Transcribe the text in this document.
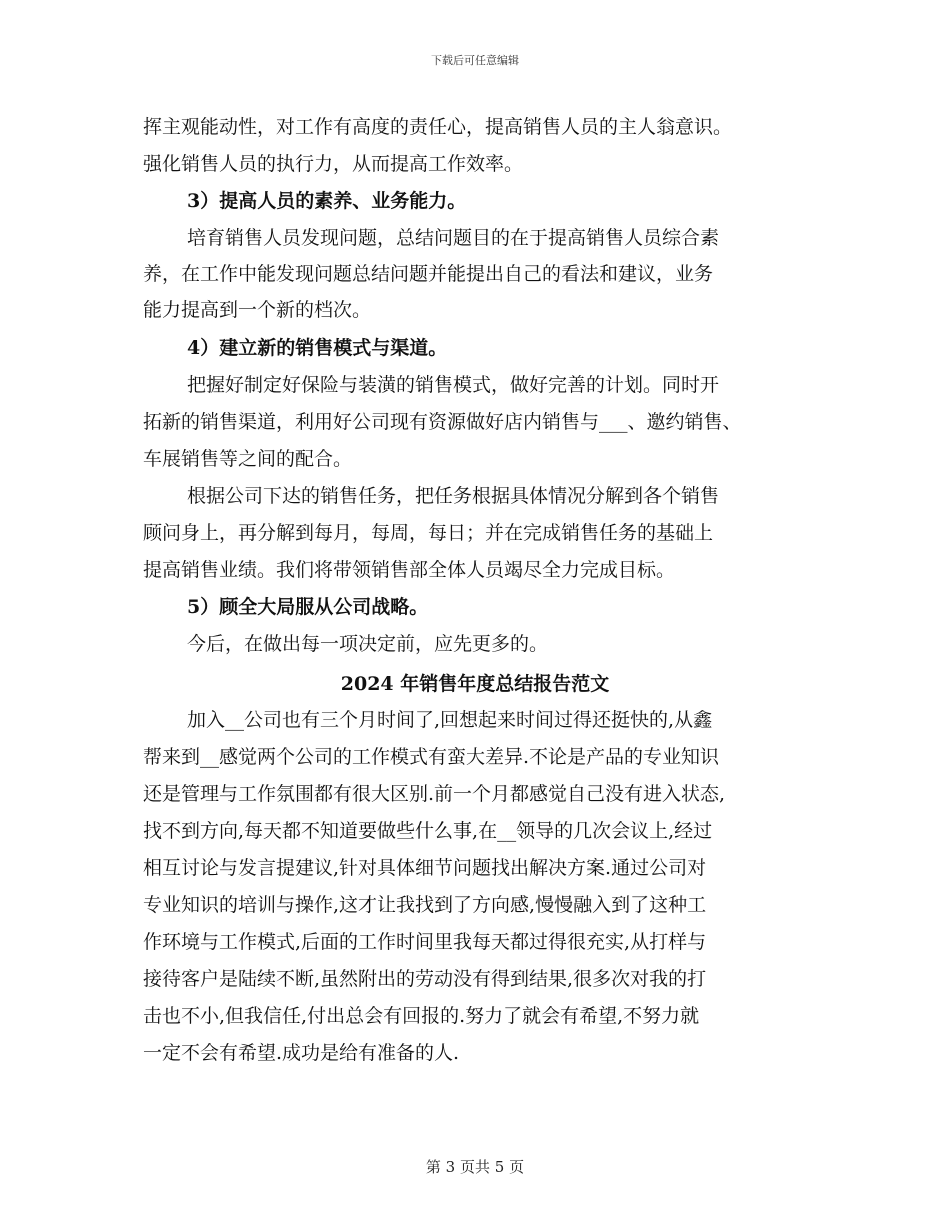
下载后可任意编辑
挥主观能动性，对工作有高度的责任心，提高销售人员的主人翁意识。
强化销售人员的执行力，从而提高工作效率。
3）提高人员的素养、业务能力。
培育销售人员发现问题，总结问题目的在于提高销售人员综合素
养，在工作中能发现问题总结问题并能提出自己的看法和建议，业务
能力提高到一个新的档次。
4）建立新的销售模式与渠道。
把握好制定好保险与装潢的销售模式，做好完善的计划。同时开
拓新的销售渠道，利用好公司现有资源做好店内销售与___、邀约销售、
车展销售等之间的配合。
根据公司下达的销售任务，把任务根据具体情况分解到各个销售
顾问身上，再分解到每月，每周，每日；并在完成销售任务的基础上
提高销售业绩。我们将带领销售部全体人员竭尽全力完成目标。
5）顾全大局服从公司战略。
今后，在做出每一项决定前，应先更多的。
2024 年销售年度总结报告范文
加入__公司也有三个月时间了,回想起来时间过得还挺快的,从鑫
帮来到__感觉两个公司的工作模式有蛮大差异.不论是产品的专业知识
还是管理与工作氛围都有很大区别.前一个月都感觉自己没有进入状态,
找不到方向,每天都不知道要做些什么事,在__领导的几次会议上,经过
相互讨论与发言提建议,针对具体细节问题找出解决方案.通过公司对
专业知识的培训与操作,这才让我找到了方向感,慢慢融入到了这种工
作环境与工作模式,后面的工作时间里我每天都过得很充实,从打样与
接待客户是陆续不断,虽然附出的劳动没有得到结果,很多次对我的打
击也不小,但我信任,付出总会有回报的.努力了就会有希望,不努力就
一定不会有希望.成功是给有准备的人.
第 3 页共 5 页
